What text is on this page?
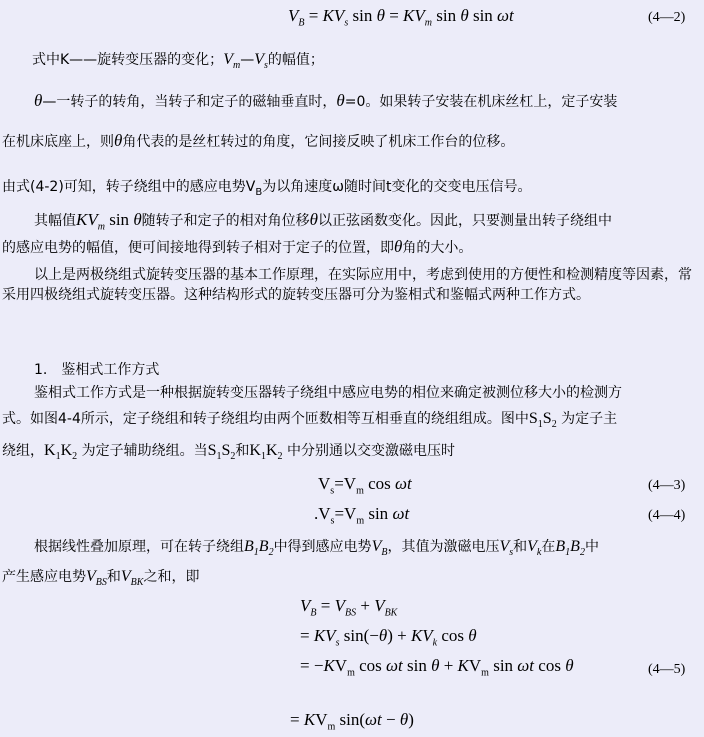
$V_B = KV_s$ $\sin \theta = KV_m$ sin θ sin ωt	(4—2)
式中K——旋转变压器的变化；$V_m—V_s$的幅值；
θ—一转子的转角，当转子和定子的磁轴垂直时，θ=0。如果转子安装在机床丝杠上，定子安装
在机床底座上，则θ角代表的是丝杠转过的角度，它间接反映了机床工作台的位移。
由式(4-2)可知，转子绕组中的感应电势$V_B$为以角速度ω随时间t变化的交变电压信号。
其幅值$KV_m$ sin θ随转子和定子的相对角位移θ以正弦函数变化。因此，只要测量出转子绕组中
的感应电势的幅值，便可间接地得到转子相对于定子的位置，即θ角的大小。
以上是两极绕组式旋转变压器的基本工作原理，在实际应用中，考虑到使用的方便性和检测精度等因素，常采用四极绕组式旋转变压器。这种结构形式的旋转变压器可分为鉴相式和鉴幅式两种工作方式。
1.　鉴相式工作方式
鉴相式工作方式是一种根据旋转变压器转子绕组中感应电势的相位来确定被测位移大小的检测方
式。如图4-4所示，定子绕组和转子绕组均由两个匝数相等互相垂直的绕组组成。图中$S_1S_2$ 为定子主
绕组，$K_1K_2$ 为定子辅助绕组。当$S_1S_2$和$K_1K_2$ 中分别通以交变激磁电压时
$V_s=V_m$ cos ωt	(4—3)
$.V_s=V_m$ sin ωt	(4—4)
根据线性叠加原理，可在转子绕组$B_1B_2$中得到感应电势$V_B$，其值为激磁电压$V_s$和$V_k$在$B_1B_2$中
产生感应电势$V_{BS}$和$V_{BK}$之和，即
$V_B = V_{BS} + V_{BK}$
= $KV_s$ $\sin(-\theta) + KV_k$ cos θ
= $-KV_m$ cos ωt $\sin \theta + KV_m$ sin ωt cos θ	(4—5)
= $KV_m$ sin(ωt − θ)
